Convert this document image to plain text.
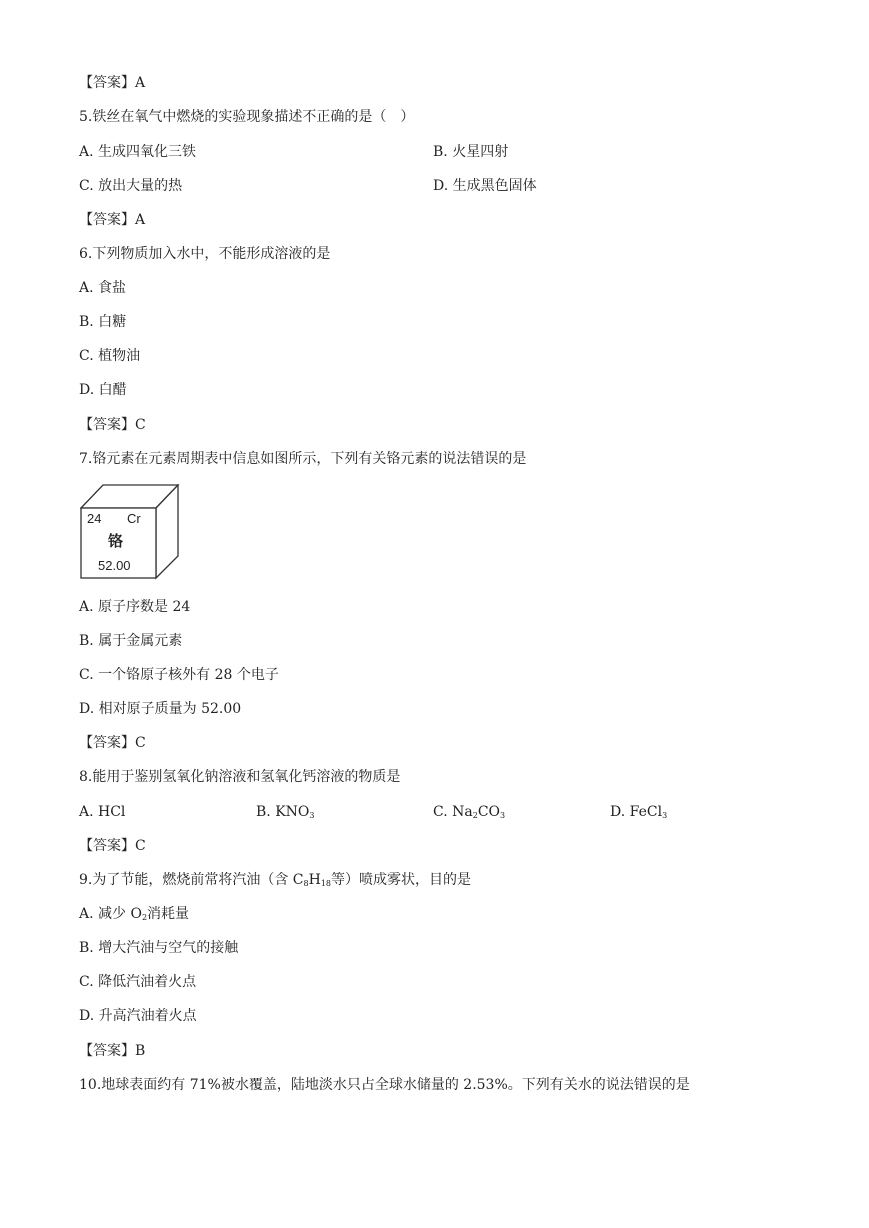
【答案】A
5.铁丝在氧气中燃烧的实验现象描述不正确的是（　）
A. 生成四氧化三铁	B. 火星四射
C. 放出大量的热	D. 生成黑色固体
【答案】A
6.下列物质加入水中，不能形成溶液的是
A. 食盐
B. 白糖
C. 植物油
D. 白醋
【答案】C
7.铬元素在元素周期表中信息如图所示，下列有关铬元素的说法错误的是
24 Cr
铬
52.00
A. 原子序数是 24
B. 属于金属元素
C. 一个铬原子核外有 28 个电子
D. 相对原子质量为 52.00
【答案】C
8.能用于鉴别氢氧化钠溶液和氢氧化钙溶液的物质是
A. HCl	B. $KNO_3$	C. $Na_2CO_3$	D. FeCl$_3$
【答案】C
9.为了节能，燃烧前常将汽油（含 $C_8H_{18}$等）喷成雾状，目的是
A. 减少 $O_2$消耗量
B. 增大汽油与空气的接触
C. 降低汽油着火点
D. 升高汽油着火点
【答案】B
10.地球表面约有 71%被水覆盖，陆地淡水只占全球水储量的 2.53%。下列有关水的说法错误的是
